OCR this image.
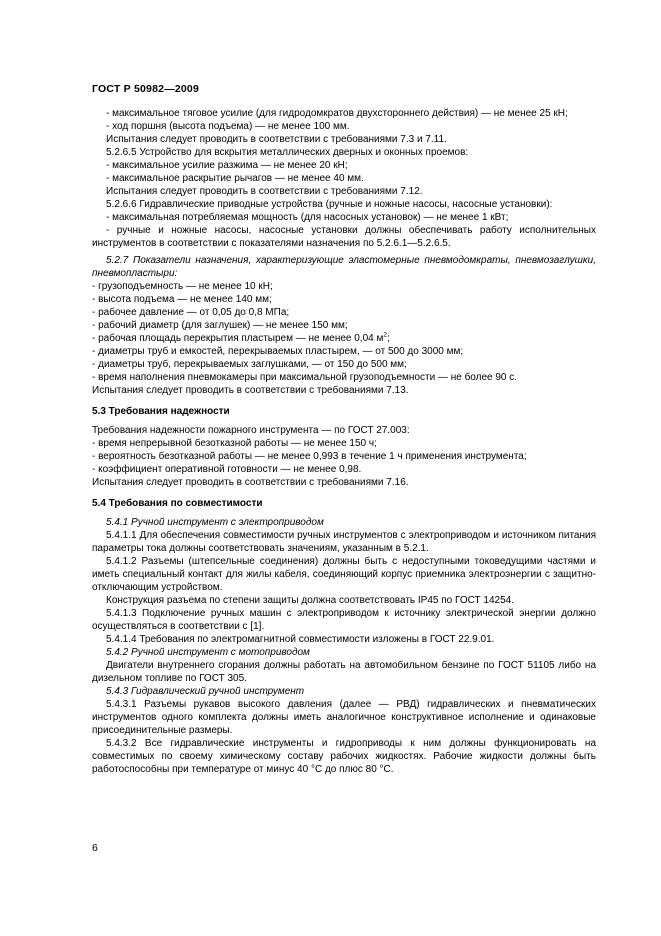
ГОСТ Р 50982—2009

- максимальное тяговое усилие (для гидродомкратов двухстороннего действия) — не менее 25 кН;

- ход поршня (высота подъема) — не менее 100 мм.

Испытания следует проводить в соответствии с требованиями 7.3 и 7.11.

5.2.6.5 Устройство для вскрытия металлических дверных и оконных проемов:

- максимальное усилие разжима — не менее 20 кН;

- максимальное раскрытие рычагов — не менее 40 мм.

Испытания следует проводить в соответствии с требованиями 7.12.

5.2.6.6 Гидравлические приводные устройства (ручные и ножные насосы, насосные установки):

- максимальная потребляемая мощность (для насосных установок) — не менее 1 кВт;

- ручные и ножные насосы, насосные установки должны обеспечивать работу исполнительных инструментов в соответствии с показателями назначения по 5.2.6.1—5.2.6.5.

5.2.7 Показатели назначения, характеризующие эластомерные пневмодомкраты, пневмозаглушки, пневмопластыри:

- грузоподъемность — не менее 10 кН;

- высота подъема — не менее 140 мм;

- рабочее давление — от 0,05 до 0,8 МПа;

- рабочий диаметр (для заглушек) — не менее 150 мм;

- рабочая площадь перекрытия пластырем — не менее 0,04 $м^2$;

- диаметры труб и емкостей, перекрываемых пластырем, — от 500 до 3000 мм;

- диаметры труб, перекрываемых заглушками, — от 150 до 500 мм;

- время наполнения пневмокамеры при максимальной грузоподъемности — не более 90 с.

Испытания следует проводить в соответствии с требованиями 7.13.

5.3 Требования надежности

Требования надежности пожарного инструмента — по ГОСТ 27.003:

- время непрерывной безотказной работы — не менее 150 ч;

- вероятность безотказной работы — не менее 0,993 в течение 1 ч применения инструмента;

- коэффициент оперативной готовности — не менее 0,98.

Испытания следует проводить в соответствии с требованиями 7.16.

5.4 Требования по совместимости

5.4.1 Ручной инструмент с электроприводом

5.4.1.1 Для обеспечения совместимости ручных инструментов с электроприводом и источником питания параметры тока должны соответствовать значениям, указанным в 5.2.1.

5.4.1.2 Разъемы (штепсельные соединения) должны быть с недоступными токоведущими частями и иметь специальный контакт для жилы кабеля, соединяющий корпус приемника электроэнергии с защитно-отключающим устройством.

Конструкция разъема по степени защиты должна соответствовать IP45 по ГОСТ 14254.

5.4.1.3 Подключение ручных машин с электроприводом к источнику электрической энергии должно осуществляться в соответствии с [1].

5.4.1.4 Требования по электромагнитной совместимости изложены в ГОСТ 22.9.01.

5.4.2 Ручной инструмент с мотоприводом

Двигатели внутреннего сгорания должны работать на автомобильном бензине по ГОСТ 51105 либо на дизельном топливе по ГОСТ 305.

5.4.3 Гидравлический ручной инструмент

5.4.3.1 Разъемы рукавов высокого давления (далее — РВД) гидравлических и пневматических инструментов одного комплекта должны иметь аналогичное конструктивное исполнение и одинаковые присоединительные размеры.

5.4.3.2 Все гидравлические инструменты и гидроприводы к ним должны функционировать на совместимых по своему химическому составу рабочих жидкостях. Рабочие жидкости должны быть работоспособны при температуре от минус 40 °С до плюс 80 °С.

6
